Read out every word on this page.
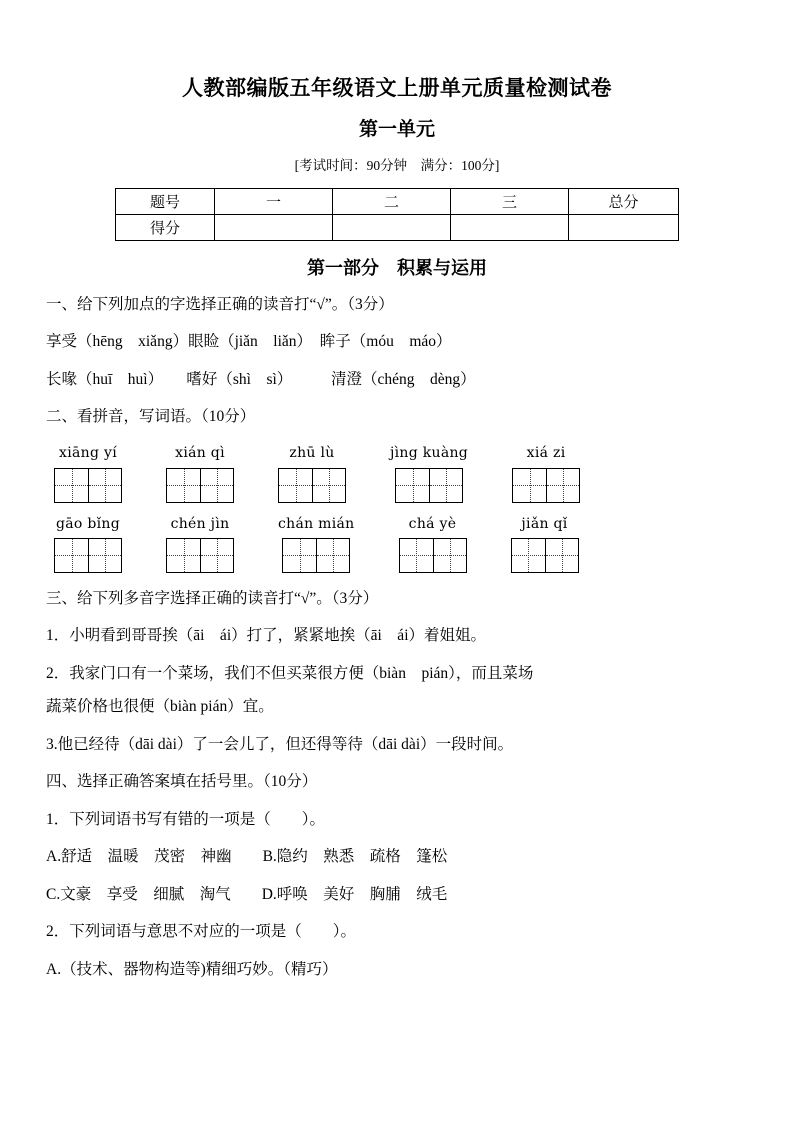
人教部编版五年级语文上册单元质量检测试卷
第一单元
[考试时间：90分钟　满分：100分]
题号	一	二	三	总分
得分				
第一部分　积累与运用
一、给下列加点的字选择正确的读音打“√”。（3分）
享受（hēng　xiǎng）眼睑（jiǎn　liǎn）　眸子（móu　máo）
长喙（huī　huì）　　嗜好（shì　sì）　　　清澄（chéng　dèng）
二、看拼音，写词语。（10分）
xiāng yí	xián qì	zhū lù	jìng kuàng	xiá zi
gāo bǐng	chén jìn	chán mián	chá yè	jiǎn qǐ
三、给下列多音字选择正确的读音打“√”。（3分）
1．小明看到哥哥挨（āi　ái）打了，紧紧地挨（āi　ái）着姐姐。
2．我家门口有一个菜场，我们不但买菜很方便（biàn　pián），而且菜场
蔬菜价格也很便（biàn pián）宜。
3.他已经待（dāi dài）了一会儿了，但还得等待（dāi dài）一段时间。
四、选择正确答案填在括号里。（10分）
1．下列词语书写有错的一项是（　　）。
A.舒适　温暖　茂密　神幽　　B.隐约　熟悉　疏格　篷松
C.文豪　享受　细腻　淘气　　D.呼唤　美好　胸脯　绒毛
2．下列词语与意思不对应的一项是（　　）。
A.（技术、器物构造等)精细巧妙。（精巧）
